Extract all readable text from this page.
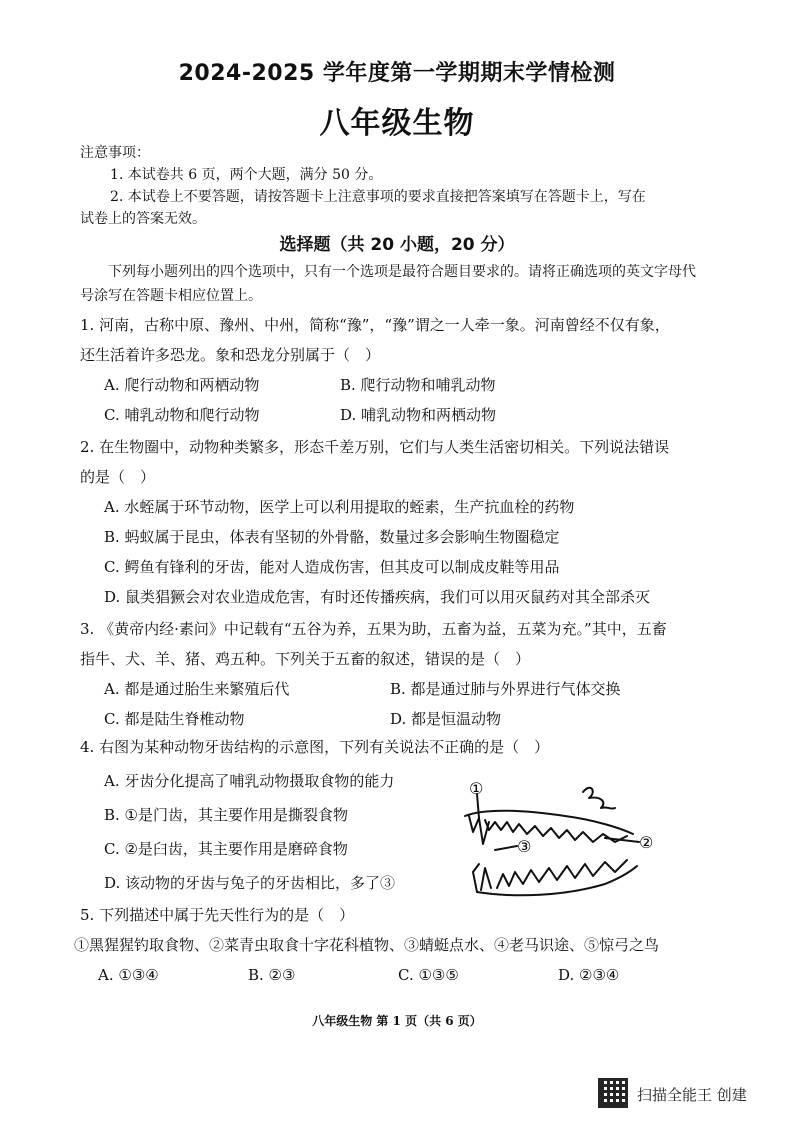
2024-2025 学年度第一学期期末学情检测
八年级生物
注意事项：
1. 本试卷共 6 页，两个大题，满分 50 分。
2. 本试卷上不要答题，请按答题卡上注意事项的要求直接把答案填写在答题卡上，写在
试卷上的答案无效。
选择题（共 20 小题，20 分）
下列每小题列出的四个选项中，只有一个选项是最符合题目要求的。请将正确选项的英文字母代号涂写在答题卡相应位置上。

1. 河南，古称中原、豫州、中州，简称“豫”，“豫”谓之一人牵一象。河南曾经不仅有象，

还生活着许多恐龙。象和恐龙分别属于（　）

A. 爬行动物和两栖动物	B. 爬行动物和哺乳动物
C. 哺乳动物和爬行动物	D. 哺乳动物和两栖动物

2. 在生物圈中，动物种类繁多，形态千差万别，它们与人类生活密切相关。下列说法错误

的是（　）

A. 水蛭属于环节动物，医学上可以利用提取的蛭素，生产抗血栓的药物

B. 蚂蚁属于昆虫，体表有坚韧的外骨骼，数量过多会影响生物圈稳定

C. 鳄鱼有锋利的牙齿，能对人造成伤害，但其皮可以制成皮鞋等用品

D. 鼠类猖獗会对农业造成危害，有时还传播疾病，我们可以用灭鼠药对其全部杀灭

3. 《黄帝内经·素问》中记载有“五谷为养，五果为助，五畜为益，五菜为充。”其中，五畜

指牛、犬、羊、猪、鸡五种。下列关于五畜的叙述，错误的是（　）

A. 都是通过胎生来繁殖后代	B. 都是通过肺与外界进行气体交换
C. 都是陆生脊椎动物	D. 都是恒温动物

4. 右图为某种动物牙齿结构的示意图，下列有关说法不正确的是（　）

A. 牙齿分化提高了哺乳动物摄取食物的能力

B. ①是门齿，其主要作用是撕裂食物

C. ②是臼齿，其主要作用是磨碎食物

D. 该动物的牙齿与兔子的牙齿相比，多了③

①
②
③

5. 下列描述中属于先天性行为的是（　）

①黑猩猩钓取食物、②菜青虫取食十字花科植物、③蜻蜓点水、④老马识途、⑤惊弓之鸟

A. ①③④	B. ②③	C. ①③⑤	D. ②③④
八年级生物 第 1 页（共 6 页）
扫描全能王 创建
